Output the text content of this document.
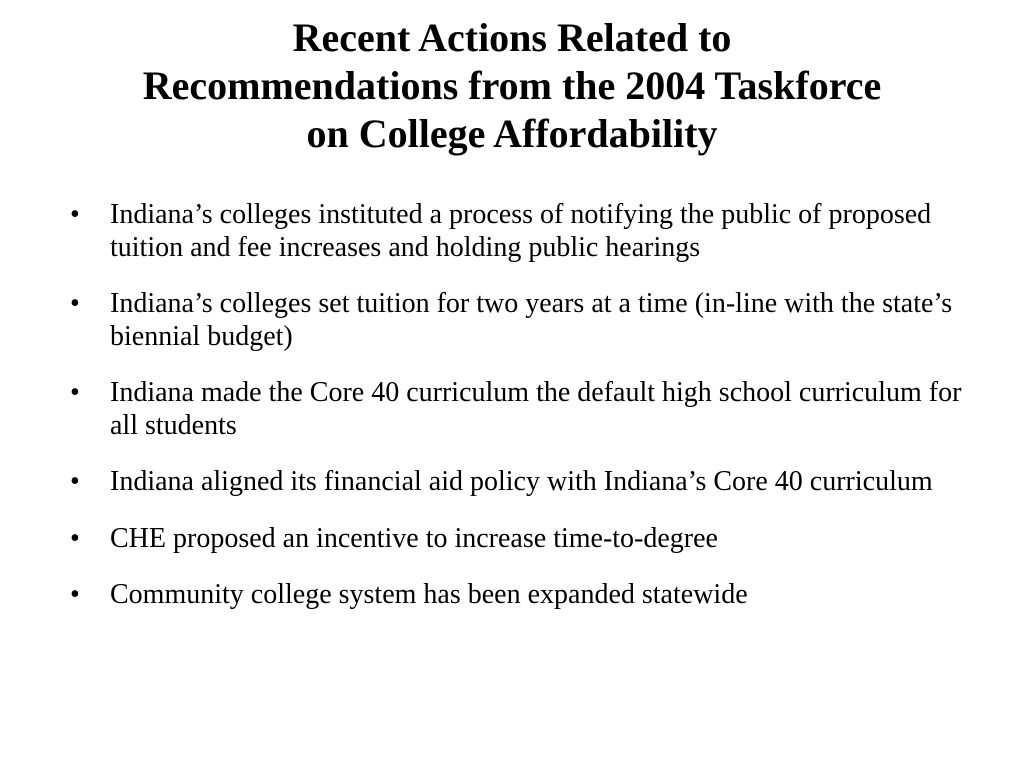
Recent Actions Related to
Recommendations from the 2004 Taskforce
on College Affordability
•	Indiana’s colleges instituted a process of notifying the public of proposed tuition and fee increases and holding public hearings
•	Indiana’s colleges set tuition for two years at a time (in-line with the state’s biennial budget)
•	Indiana made the Core 40 curriculum the default high school curriculum for all students
•	Indiana aligned its financial aid policy with Indiana’s Core 40 curriculum
•	CHE proposed an incentive to increase time-to-degree
•	Community college system has been expanded statewide
